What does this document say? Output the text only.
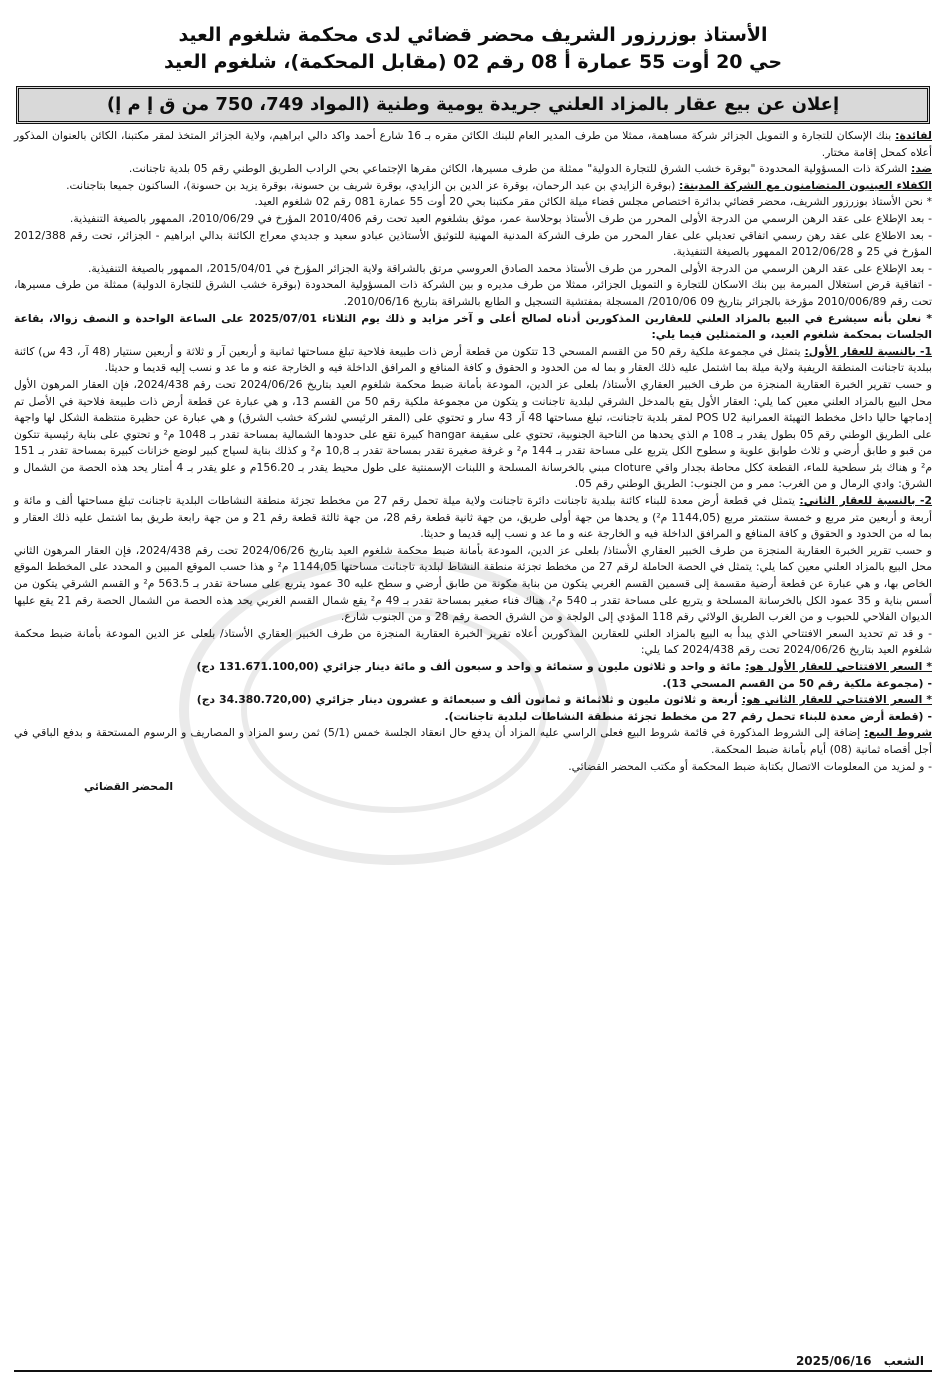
الأستاذ بوزرزور الشريف محضر قضائي لدى محكمة شلغوم العيد

حي 20 أوت 55 عمارة أ 08 رقم 02 (مقابل المحكمة)، شلغوم العيد

إعلان عن بيع عقار بالمزاد العلني جريدة يومية وطنية (المواد 749، 750 من ق إ م إ)

لفائدة: بنك الإسكان للتجارة و التمويل الجزائر شركة مساهمة، ممثلا من طرف المدير العام للبنك الكائن مقره بـ 16 شارع أحمد واكد دالي ابراهيم، ولاية الجزائر المتخذ لمقر مكتبنا، الكائن بالعنوان المذكور أعلاه كمحل إقامة مختار.

ضد: الشركة ذات المسؤولية المحدودة "بوقرة خشب الشرق للتجارة الدولية" ممثلة من طرف مسيرها، الكائن مقرها الإجتماعي بحي الرادب الطريق الوطني رقم 05 بلدية تاجنانت.

الكفلاء العينيون المتضامنون مع الشركة المدينة: (بوقرة الزايدي بن عبد الرحمان، بوقرة عز الدين بن الزايدي، بوقرة شريف بن حسونة، بوقرة يزيد بن حسونة)، الساكنون جميعا بتاجنانت.

* نحن الأستاذ بوزرزور الشريف، محضر قضائي بدائرة اختصاص مجلس قضاء ميلة الكائن مقر مكتبنا بحي 20 أوت 55 عمارة 081 رقم 02 شلغوم العيد.

- بعد الإطلاع على عقد الرهن الرسمي من الدرجة الأولى المحرر من طرف الأستاذ بوحلاسة عمر، موثق بشلغوم العيد تحت رقم 2010/406 المؤرخ في 2010/06/29، الممهور بالصيغة التنفيذية.

- بعد الاطلاع على عقد رهن رسمي اتفاقي تعديلي على عقار المحرر من طرف الشركة المدنية المهنية للتوثيق الأستاذين عبادو سعيد و جديدي معراج الكائنة بدالي ابراهيم - الجزائر، تحت رقم 2012/388 المؤرخ في 25 و 2012/06/28 الممهور بالصيغة التنفيذية.

- بعد الإطلاع على عقد الرهن الرسمي من الدرجة الأولى المحرر من طرف الأستاذ محمد الصادق العروسي مرتق بالشراقة ولاية الجزائر المؤرخ في 2015/04/01، الممهور بالصيغة التنفيذية.

- اتفاقية قرض استغلال المبرمة بين بنك الاسكان للتجارة و التمويل الجزائر، ممثلا من طرف مديره و بين الشركة ذات المسؤولية المحدودة (بوقرة خشب الشرق للتجارة الدولية) ممثلة من طرف مسيرها، تحت رقم 2010/006/89 مؤرخة بالجزائر بتاريخ 09 2010/06/ المسجلة بمفتشية التسجيل و الطابع بالشراقة بتاريخ 2010/06/16.

* نعلن بأنه سيشرع في البيع بالمزاد العلني للعقارين المذكورين أدناه لصالح أعلى و آخر مزايد و ذلك يوم الثلاثاء 2025/07/01 على الساعة الواحدة و النصف زوالا، بقاعة الجلسات بمحكمة شلغوم العيد، و المتمثلين فيما يلي:

1- بالنسبة للعقار الأول: يتمثل في مجموعة ملكية رقم 50 من القسم المسحي 13 تتكون من قطعة أرض ذات طبيعة فلاحية تبلغ مساحتها ثمانية و أربعين آر و ثلاثة و أربعين سنتيار (48 آر، 43 س) كائنة ببلدية تاجنانت المنطقة الريفية ولاية ميلة بما اشتمل عليه ذلك العقار و بما له من الحدود و الحقوق و كافة المنافع و المرافق الداخلة فيه و الخارجة عنه و ما عد و نسب إليه قديما و حديثا.

و حسب تقرير الخبرة العقارية المنجزة من طرف الخبير العقاري الأستاذ/ بلعلى عز الدين، المودعة بأمانة ضبط محكمة شلغوم العيد بتاريخ 2024/06/26 تحت رقم 2024/438، فإن العقار المرهون الأول محل البيع بالمزاد العلني معين كما يلي: العقار الأول يقع بالمدخل الشرقي لبلدية تاجنانت و يتكون من مجموعة ملكية رقم 50 من القسم 13، و هي عبارة عن قطعة أرض ذات طبيعة فلاحية في الأصل تم إدماجها حاليا داخل مخطط التهيئة العمرانية POS U2 لمقر بلدية تاجنانت، تبلغ مساحتها 48 آر 43 سار و تحتوي على (المقر الرئيسي لشركة خشب الشرق) و هي عبارة عن حظيرة منتظمة الشكل لها واجهة على الطريق الوطني رقم 05 بطول يقدر بـ 108 م الذي يحدها من الناحية الجنوبية، تحتوي على سقيفة hangar كبيرة تقع على حدودها الشمالية بمساحة تقدر بـ 1048 م² و تحتوي على بناية رئيسية تتكون من قبو و طابق أرضي و ثلاث طوابق علوية و سطوح الكل يتربع على مساحة تقدر بـ 144 م² و غرفة صغيرة تقدر بمساحة تقدر بـ 10,8 م² و كذلك بناية لسياج كبير لوضع خزانات كبيرة بمساحة تقدر بـ 151 م² و هناك بئر سطحية للماء، القطعة ككل محاطة بجدار واقي cloture مبني بالخرسانة المسلحة و اللبنات الإسمنتية على طول محيط يقدر بـ 156.20م و علو يقدر بـ 4 أمتار يحد هذه الحصة من الشمال و الشرق: وادي الرمال و من الغرب: ممر و من الجنوب: الطريق الوطني رقم 05.

2- بالنسبة للعقار الثاني: يتمثل في قطعة أرض معدة للبناء كائنة ببلدية تاجنانت دائرة تاجنانت ولاية ميلة تحمل رقم 27 من مخطط تجزئة منطقة النشاطات البلدية تاجنانت تبلغ مساحتها ألف و مائة و أربعة و أربعين متر مربع و خمسة سنتمتر مربع (1144,05 م²) و يحدها من جهة أولى طريق، من جهة ثانية قطعة رقم 28، من جهة ثالثة قطعة رقم 21 و من جهة رابعة طريق بما اشتمل عليه ذلك العقار و بما له من الحدود و الحقوق و كافة المنافع و المرافق الداخلة فيه و الخارجة عنه و ما عد و نسب إليه قديما و حديثا.

و حسب تقرير الخبرة العقارية المنجزة من طرف الخبير العقاري الأستاذ/ بلعلى عز الدين، المودعة بأمانة ضبط محكمة شلغوم العيد بتاريخ 2024/06/26 تحت رقم 2024/438، فإن العقار المرهون الثاني محل البيع بالمزاد العلني معين كما يلي: يتمثل في الحصة الحاملة لرقم 27 من مخطط تجزئة منطقة النشاط لبلدية تاجنانت مساحتها 1144,05 م² و هذا حسب الموقع المبين و المحدد على المخطط الموقع الخاص بها، و هي عبارة عن قطعة أرضية مقسمة إلى قسمين القسم الغربي يتكون من بناية مكونة من طابق أرضي و سطح عليه 30 عمود يتربع على مساحة تقدر بـ 563.5 م² و القسم الشرقي يتكون من أسس بناية و 35 عمود الكل بالخرسانة المسلحة و يتربع على مساحة تقدر بـ 540 م²، هناك فناء صغير بمساحة تقدر بـ 49 م² يقع شمال القسم الغربي يحد هذه الحصة من الشمال الحصة رقم 21 يقع عليها الديوان الفلاحي للحبوب و من الغرب الطريق الولائي رقم 118 المؤدي إلى الولجة و من الشرق الحصة رقم 28 و من الجنوب شارع.

- و قد تم تحديد السعر الافتتاحي الذي يبدأ به البيع بالمزاد العلني للعقارين المذكورين أعلاه تقرير الخبرة العقارية المنجزة من طرف الخبير العقاري الأستاذ/ بلعلى عز الدين المودعة بأمانة ضبط محكمة شلغوم العيد بتاريخ 2024/06/26 تحت رقم 2024/438 كما يلي:

* السعر الافتتاحي للعقار الأول هو: مائة و واحد و ثلاثون مليون و ستمائة و واحد و سبعون ألف و مائة دينار جزائري (131.671.100,00 دج)

- (مجموعة ملكية رقم 50 من القسم المسحي 13).

* السعر الافتتاحي للعقار الثاني هو: أربعة و ثلاثون مليون و ثلاثمائة و ثمانون ألف و سبعمائة و عشرون دينار جزائري (34.380.720,00 دج)

- (قطعة أرض معدة للبناء تحمل رقم 27 من مخطط تجزئة منطقة النشاطات لبلدية تاجنانت).

شروط البيع: إضافة إلى الشروط المذكورة في قائمة شروط البيع فعلى الراسي عليه المزاد أن يدفع حال انعقاد الجلسة خمس (5/1) ثمن رسو المزاد و المصاريف و الرسوم المستحقة و بدفع الباقي في أجل أقصاه ثمانية (08) أيام بأمانة ضبط المحكمة.

- و لمزيد من المعلومات الاتصال بكتابة ضبط المحكمة أو مكتب المحضر القضائي.

المحضر القضائي
الشعب 2025/06/16
